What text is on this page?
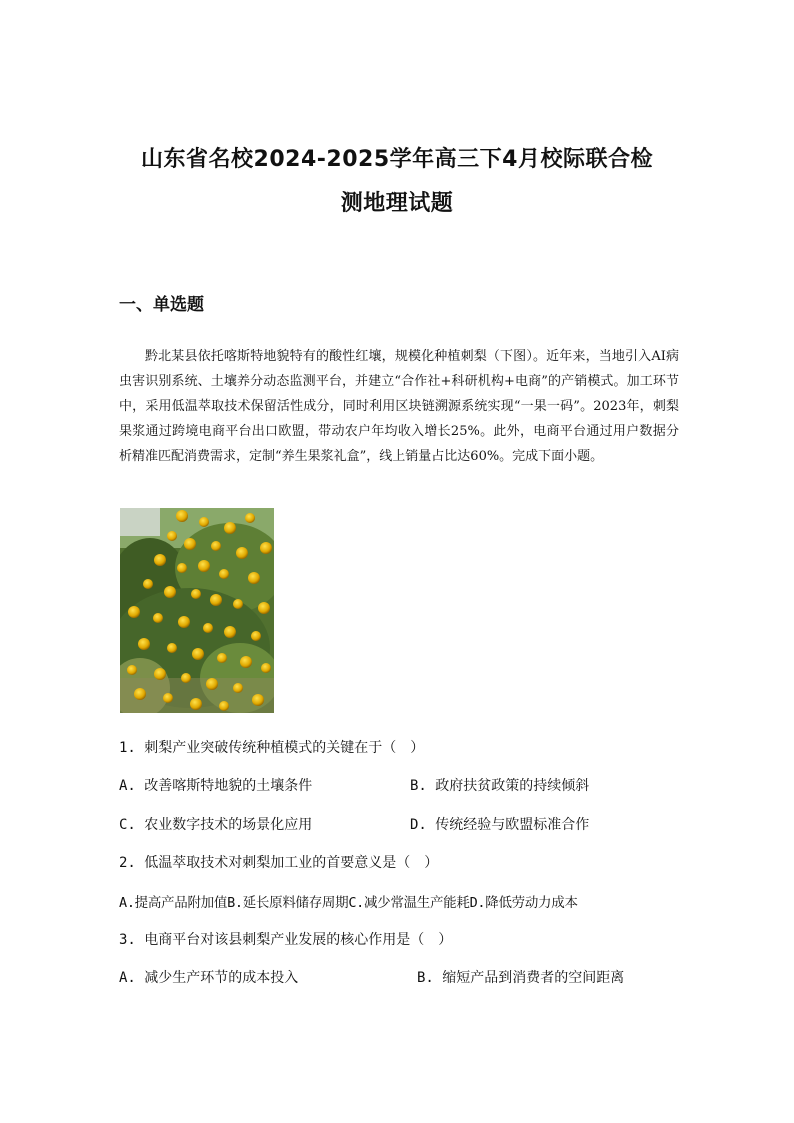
山东省名校2024-2025学年高三下4月校际联合检
测地理试题
一、单选题
黔北某县依托喀斯特地貌特有的酸性红壤，规模化种植刺梨（下图）。近年来，当地引入AI病虫害识别系统、土壤养分动态监测平台，并建立“合作社+科研机构+电商”的产销模式。加工环节中，采用低温萃取技术保留活性成分，同时利用区块链溯源系统实现“一果一码”。2023年，刺梨果浆通过跨境电商平台出口欧盟，带动农户年均收入增长25%。此外，电商平台通过用户数据分析精准匹配消费需求，定制“养生果浆礼盒”，线上销量占比达60%。完成下面小题。
1. 刺梨产业突破传统种植模式的关键在于（　）
A. 改善喀斯特地貌的土壤条件	B. 政府扶贫政策的持续倾斜
C. 农业数字技术的场景化应用	D. 传统经验与欧盟标准合作
2. 低温萃取技术对刺梨加工业的首要意义是（　）
A.提高产品附加值B.延长原料储存周期C.减少常温生产能耗D.降低劳动力成本
3. 电商平台对该县刺梨产业发展的核心作用是（　）
A. 减少生产环节的成本投入	B. 缩短产品到消费者的空间距离
